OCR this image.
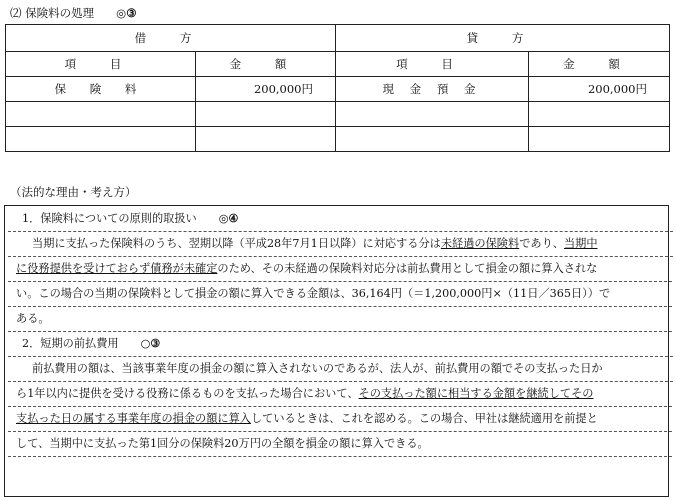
⑵ 保険料の処理 ◎③
借 方		貸 方	
項 目	金 額	項 目	金 額
保 険 料	200,000円	現 金 預 金	200,000円

（法的な理由・考え方）
1．保険料についての原則的取扱い ◎④
当期に支払った保険料のうち、翌期以降（平成28年7月1日以降）に対応する分は未経過の保険料であり、当期中
に役務提供を受けておらず債務が未確定のため、その未経過の保険料対応分は前払費用として損金の額に算入されな
い。この場合の当期の保険料として損金の額に算入できる金額は、36,164円（＝1,200,000円×（11日／365日））で
ある。
2．短期の前払費用 ○③
前払費用の額は、当該事業年度の損金の額に算入されないのであるが、法人が、前払費用の額でその支払った日か
ら1年以内に提供を受ける役務に係るものを支払った場合において、その支払った額に相当する金額を継続してその
支払った日の属する事業年度の損金の額に算入しているときは、これを認める。この場合、甲社は継続適用を前提と
して、当期中に支払った第1回分の保険料20万円の全額を損金の額に算入できる。
